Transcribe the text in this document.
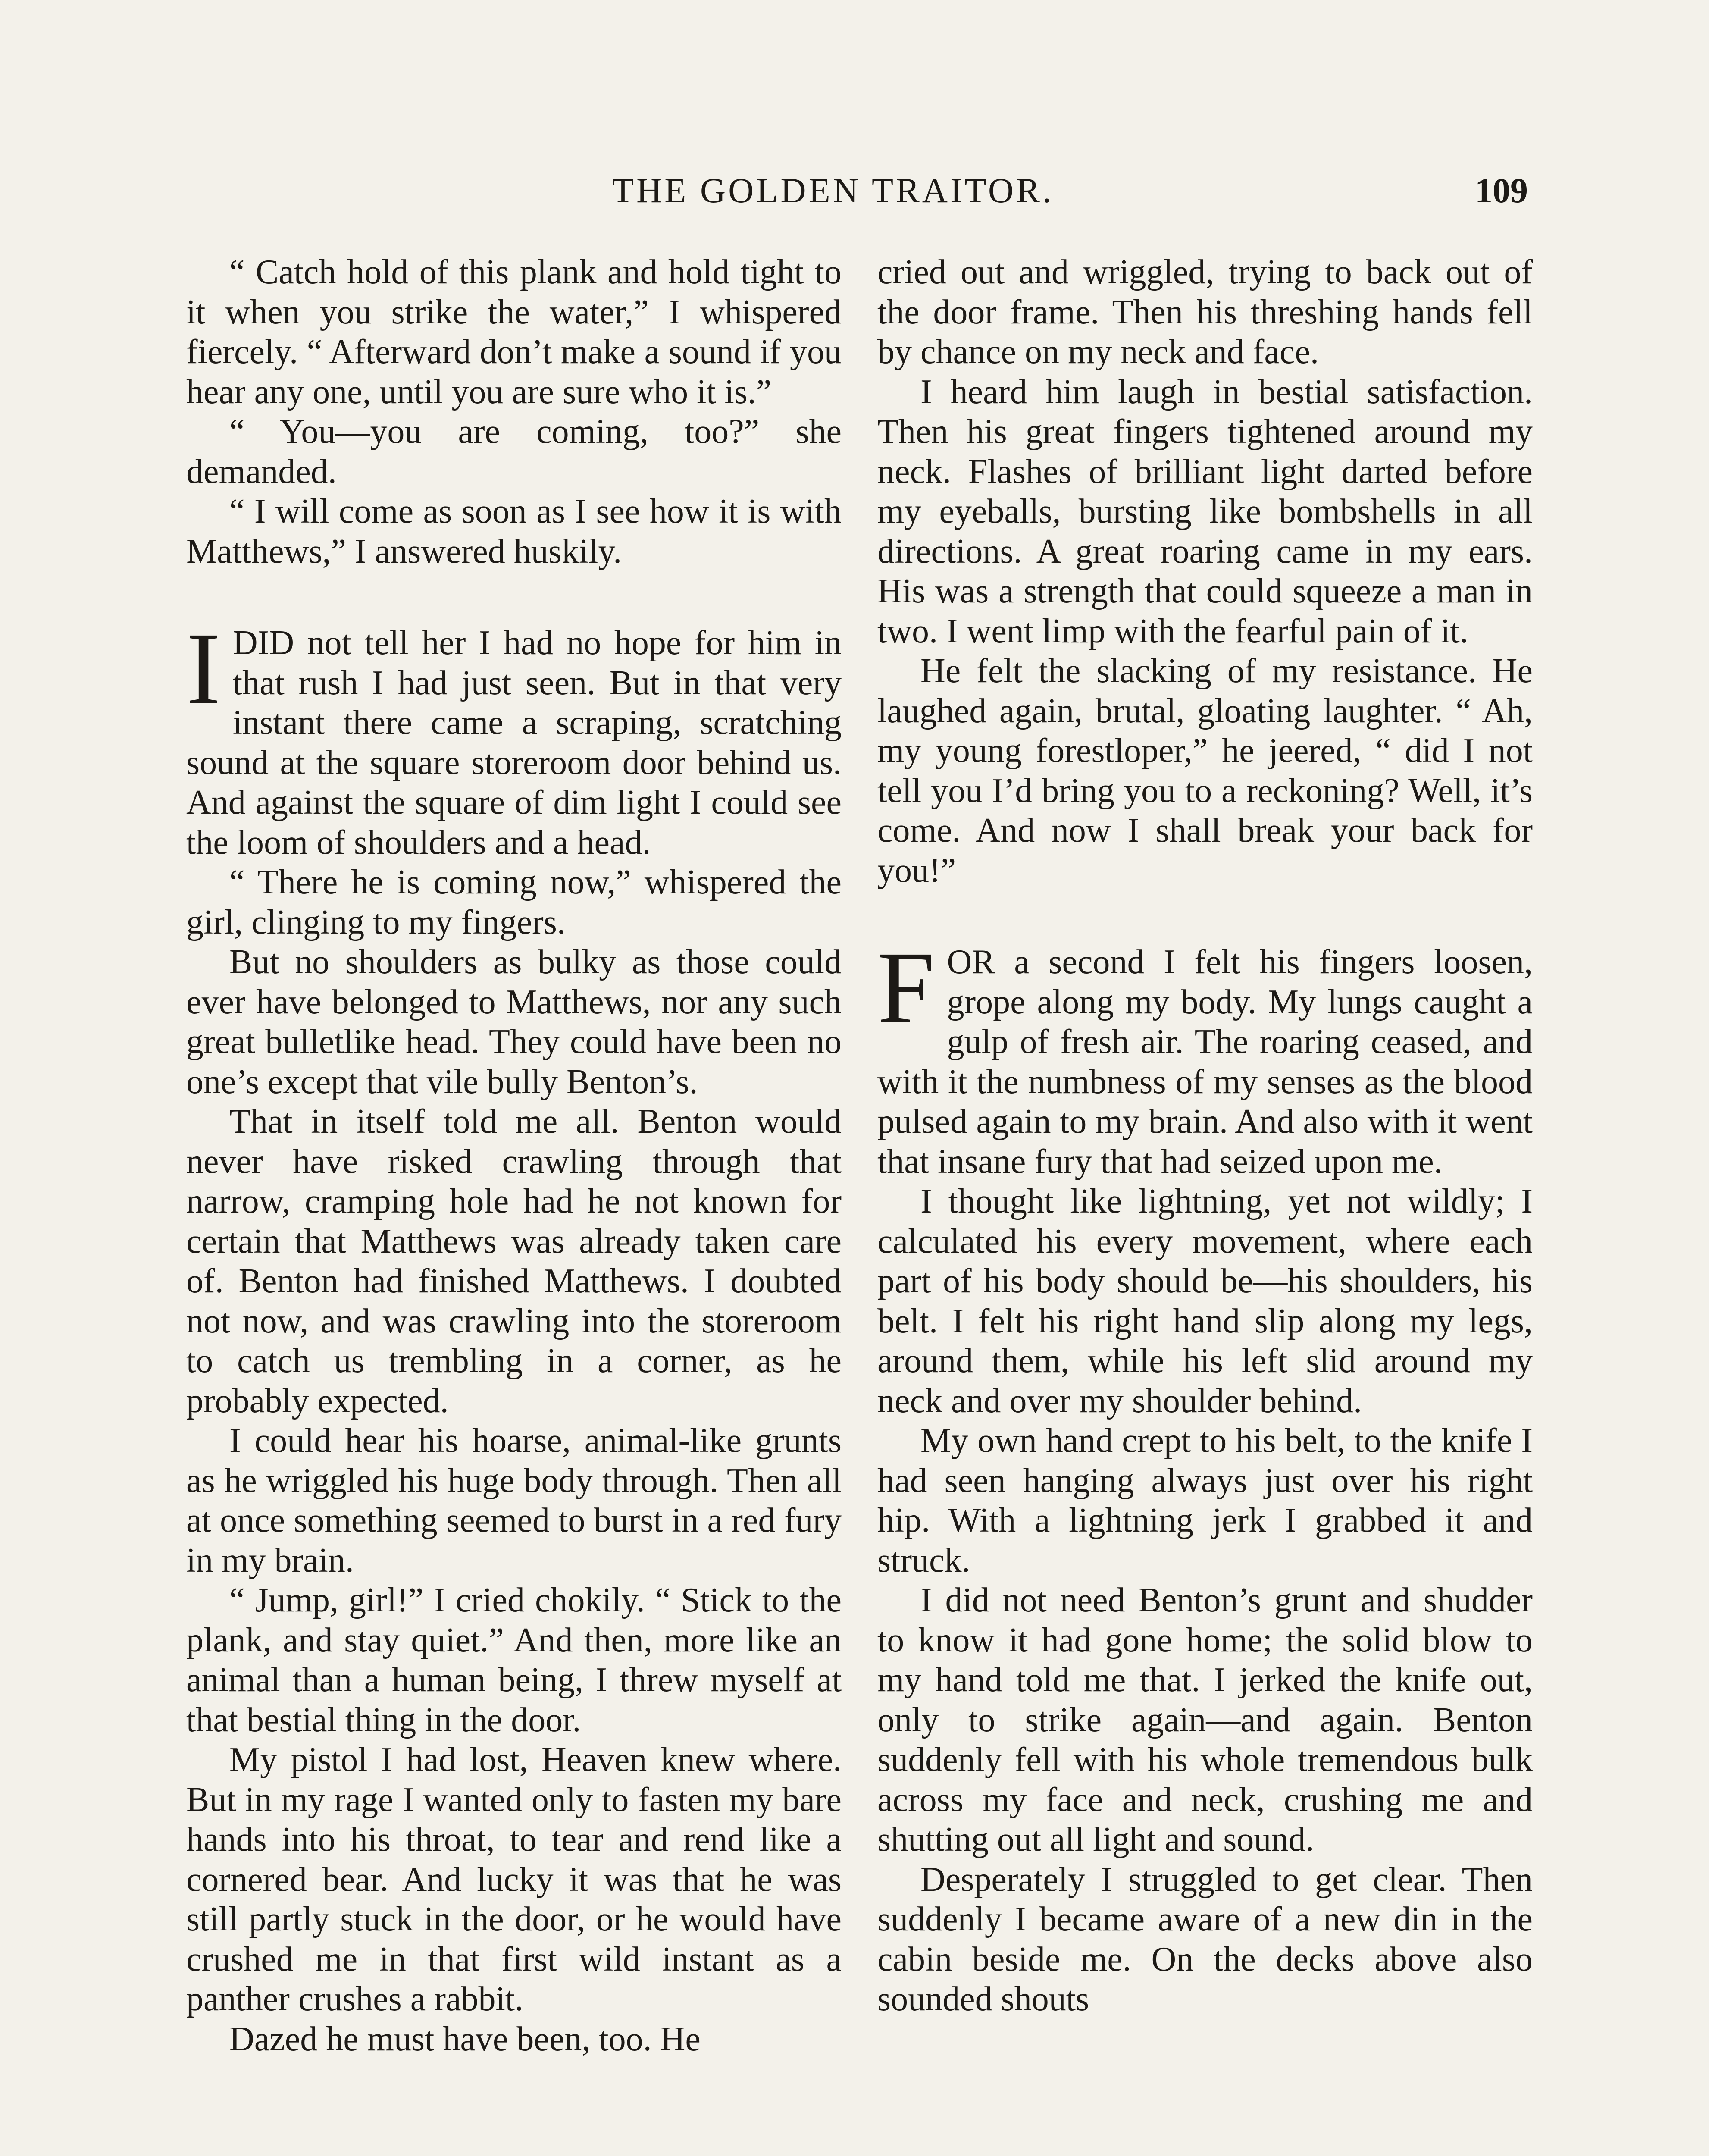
THE GOLDEN TRAITOR.	109

“ Catch hold of this plank and hold tight to it when you strike the water,” I whispered fiercely. “ Afterward don’t make a sound if you hear any one, until you are sure who it is.”

“ You—you are coming, too?” she demanded.

“ I will come as soon as I see how it is with Matthews,” I answered huskily.

IDID not tell her I had no hope for him in that rush I had just seen. But in that very instant there came a scraping, scratching sound at the square storeroom door behind us. And against the square of dim light I could see the loom of shoulders and a head.

“ There he is coming now,” whispered the girl, clinging to my fingers.

But no shoulders as bulky as those could ever have belonged to Matthews, nor any such great bulletlike head. They could have been no one’s except that vile bully Benton’s.

That in itself told me all. Benton would never have risked crawling through that narrow, cramping hole had he not known for certain that Matthews was already taken care of. Benton had finished Matthews. I doubted not now, and was crawling into the storeroom to catch us trembling in a corner, as he probably expected.

I could hear his hoarse, animal-like grunts as he wriggled his huge body through. Then all at once something seemed to burst in a red fury in my brain.

“ Jump, girl!” I cried chokily. “ Stick to the plank, and stay quiet.” And then, more like an animal than a human being, I threw myself at that bestial thing in the door.

My pistol I had lost, Heaven knew where. But in my rage I wanted only to fasten my bare hands into his throat, to tear and rend like a cornered bear. And lucky it was that he was still partly stuck in the door, or he would have crushed me in that first wild instant as a panther crushes a rabbit.

Dazed he must have been, too. He

cried out and wriggled, trying to back out of the door frame. Then his threshing hands fell by chance on my neck and face.

I heard him laugh in bestial satisfaction. Then his great fingers tightened around my neck. Flashes of brilliant light darted before my eyeballs, bursting like bombshells in all directions. A great roaring came in my ears. His was a strength that could squeeze a man in two. I went limp with the fearful pain of it.

He felt the slacking of my resistance. He laughed again, brutal, gloating laughter. “ Ah, my young forestloper,” he jeered, “ did I not tell you I’d bring you to a reckoning? Well, it’s come. And now I shall break your back for you!”

FOR a second I felt his fingers loosen, grope along my body. My lungs caught a gulp of fresh air. The roaring ceased, and with it the numbness of my senses as the blood pulsed again to my brain. And also with it went that insane fury that had seized upon me.

I thought like lightning, yet not wildly; I calculated his every movement, where each part of his body should be—his shoulders, his belt. I felt his right hand slip along my legs, around them, while his left slid around my neck and over my shoulder behind.

My own hand crept to his belt, to the knife I had seen hanging always just over his right hip. With a lightning jerk I grabbed it and struck.

I did not need Benton’s grunt and shudder to know it had gone home; the solid blow to my hand told me that. I jerked the knife out, only to strike again—and again. Benton suddenly fell with his whole tremendous bulk across my face and neck, crushing me and shutting out all light and sound.

Desperately I struggled to get clear. Then suddenly I became aware of a new din in the cabin beside me. On the decks above also sounded shouts
